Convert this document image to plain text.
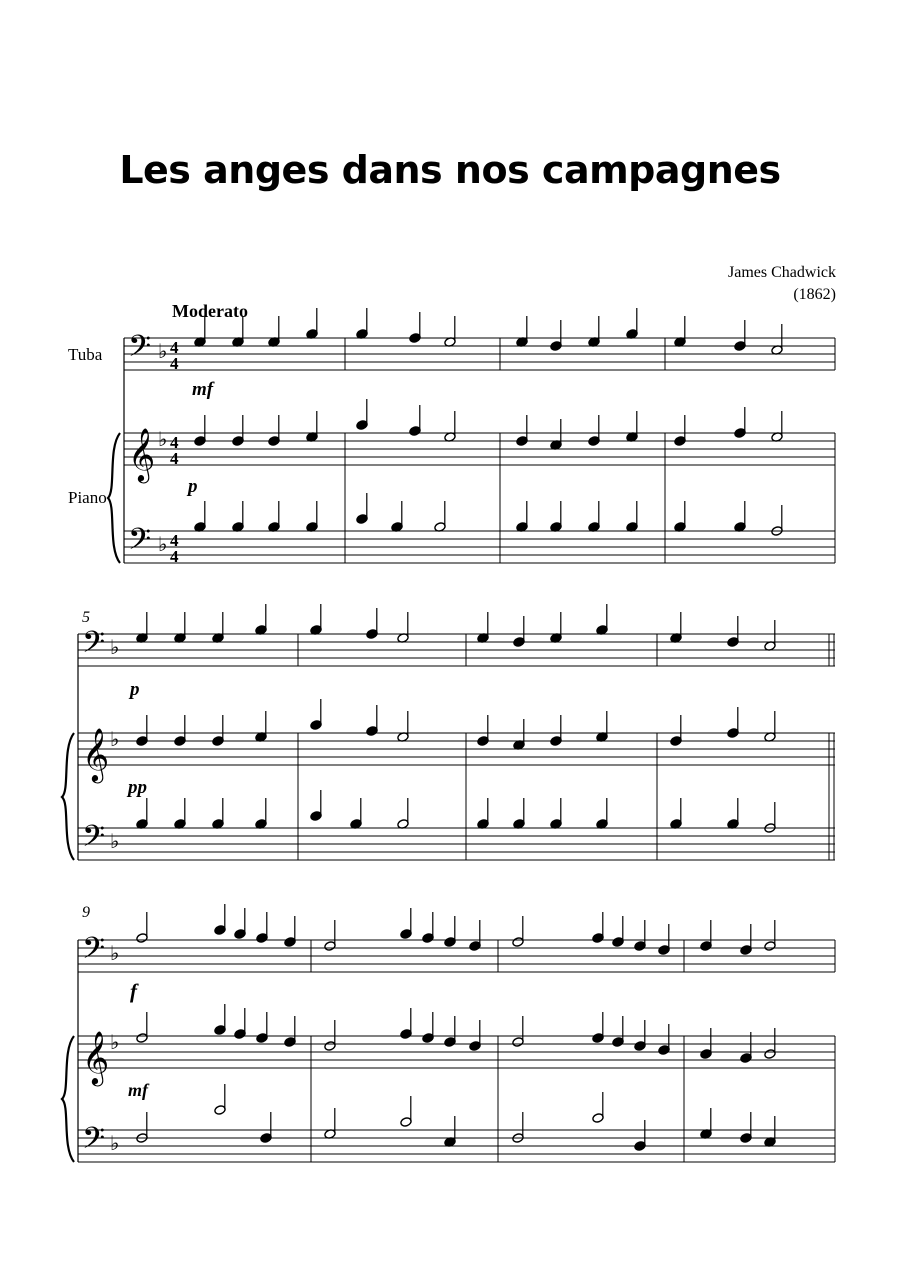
Les anges dans nos campagnes
James Chadwick
(1862)
Moderato
Tuba
Piano
𝄢 ♭ 4
4
𝄞 ♭ 4
4
𝄢 ♭ 4
4
mf
p
5
𝄢 ♭
𝄞 ♭
𝄢 ♭
p
pp
9
𝄢 ♭
𝄞 ♭
𝄢 ♭
f
mf
